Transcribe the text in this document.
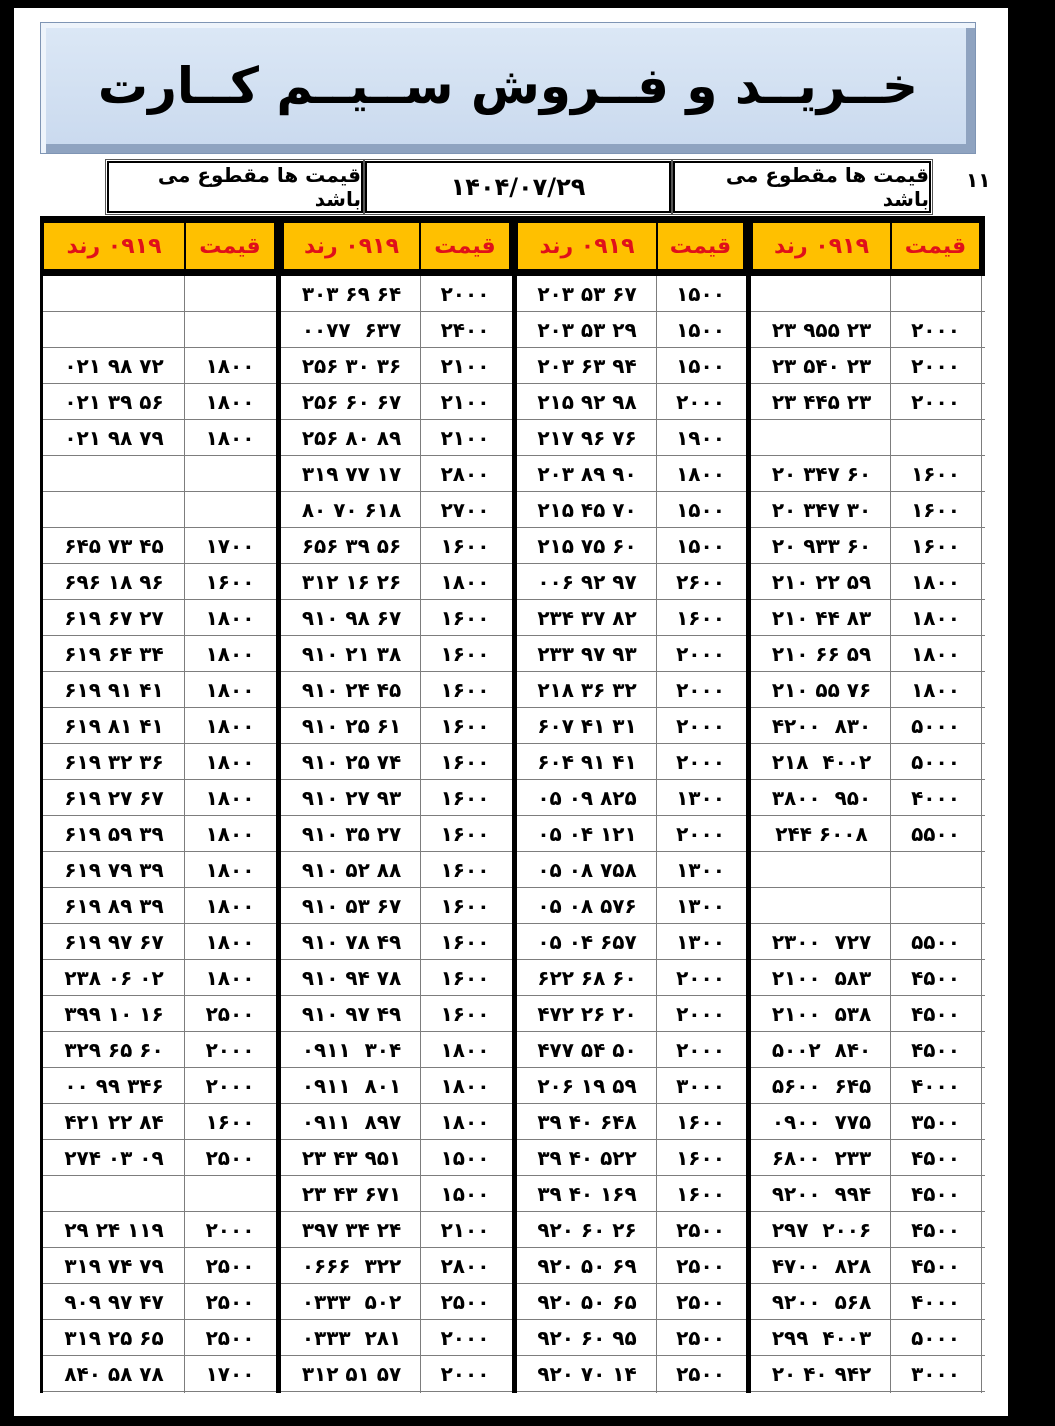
خــریــد و فــروش ســیــم کــارت
قیمت ها مقطوع می باشد	۱۴۰۴/۰۷/۲۹	قیمت ها مقطوع می باشد
۱۱
قیمت
۰۹۱۹ رند
قیمت
۰۹۱۹ رند
قیمت
۰۹۱۹ رند
قیمت
۰۹۱۹ رند
۱۵۰۰
۲۰۳ ۵۳ ۶۷
۲۰۰۰
۳۰۳ ۶۹ ۶۴
۲۰۰۰
۲۳ ۹۵۵ ۲۳
۱۵۰۰
۲۰۳ ۵۳ ۲۹
۲۴۰۰
۰۰۷۷  ۶۳۷
۲۰۰۰
۲۳ ۵۴۰ ۲۳
۱۵۰۰
۲۰۳ ۶۳ ۹۴
۲۱۰۰
۲۵۶ ۳۰ ۳۶
۱۸۰۰
۰۲۱ ۹۸ ۷۲
۲۰۰۰
۲۳ ۴۴۵ ۲۳
۲۰۰۰
۲۱۵ ۹۲ ۹۸
۲۱۰۰
۲۵۶ ۶۰ ۶۷
۱۸۰۰
۰۲۱ ۳۹ ۵۶
۱۹۰۰
۲۱۷ ۹۶ ۷۶
۲۱۰۰
۲۵۶ ۸۰ ۸۹
۱۸۰۰
۰۲۱ ۹۸ ۷۹
۱۶۰۰
۲۰ ۳۴۷ ۶۰
۱۸۰۰
۲۰۳ ۸۹ ۹۰
۲۸۰۰
۳۱۹ ۷۷ ۱۷
۱۶۰۰
۲۰ ۳۴۷ ۳۰
۱۵۰۰
۲۱۵ ۴۵ ۷۰
۲۷۰۰
۸۰ ۷۰ ۶۱۸
۱۶۰۰
۲۰ ۹۳۳ ۶۰
۱۵۰۰
۲۱۵ ۷۵ ۶۰
۱۶۰۰
۶۵۶ ۳۹ ۵۶
۱۷۰۰
۶۴۵ ۷۳ ۴۵
۱۸۰۰
۲۱۰ ۲۲ ۵۹
۲۶۰۰
۰۰۶ ۹۲ ۹۷
۱۸۰۰
۳۱۲ ۱۶ ۲۶
۱۶۰۰
۶۹۶ ۱۸ ۹۶
۱۸۰۰
۲۱۰ ۴۴ ۸۳
۱۶۰۰
۲۳۴ ۳۷ ۸۲
۱۶۰۰
۹۱۰ ۹۸ ۶۷
۱۸۰۰
۶۱۹ ۶۷ ۲۷
۱۸۰۰
۲۱۰ ۶۶ ۵۹
۲۰۰۰
۲۳۳ ۹۷ ۹۳
۱۶۰۰
۹۱۰ ۲۱ ۳۸
۱۸۰۰
۶۱۹ ۶۴ ۳۴
۱۸۰۰
۲۱۰ ۵۵ ۷۶
۲۰۰۰
۲۱۸ ۳۶ ۳۲
۱۶۰۰
۹۱۰ ۲۴ ۴۵
۱۸۰۰
۶۱۹ ۹۱ ۴۱
۵۰۰۰
۴۲۰۰  ۸۳۰
۲۰۰۰
۶۰۷ ۴۱ ۳۱
۱۶۰۰
۹۱۰ ۲۵ ۶۱
۱۸۰۰
۶۱۹ ۸۱ ۴۱
۵۰۰۰
۲۱۸  ۴۰۰۲
۲۰۰۰
۶۰۴ ۹۱ ۴۱
۱۶۰۰
۹۱۰ ۲۵ ۷۴
۱۸۰۰
۶۱۹ ۳۲ ۳۶
۴۰۰۰
۳۸۰۰  ۹۵۰
۱۳۰۰
۰۵ ۰۹ ۸۲۵
۱۶۰۰
۹۱۰ ۲۷ ۹۳
۱۸۰۰
۶۱۹ ۲۷ ۶۷
۵۵۰۰
۲۴۴ ۶۰۰۸
۲۰۰۰
۰۵ ۰۴ ۱۲۱
۱۶۰۰
۹۱۰ ۳۵ ۲۷
۱۸۰۰
۶۱۹ ۵۹ ۳۹
۱۳۰۰
۰۵ ۰۸ ۷۵۸
۱۶۰۰
۹۱۰ ۵۲ ۸۸
۱۸۰۰
۶۱۹ ۷۹ ۳۹
۱۳۰۰
۰۵ ۰۸ ۵۷۶
۱۶۰۰
۹۱۰ ۵۳ ۶۷
۱۸۰۰
۶۱۹ ۸۹ ۳۹
۵۵۰۰
۲۳۰۰  ۷۲۷
۱۳۰۰
۰۵ ۰۴ ۶۵۷
۱۶۰۰
۹۱۰ ۷۸ ۴۹
۱۸۰۰
۶۱۹ ۹۷ ۶۷
۴۵۰۰
۲۱۰۰  ۵۸۳
۲۰۰۰
۶۲۲ ۶۸ ۶۰
۱۶۰۰
۹۱۰ ۹۴ ۷۸
۱۸۰۰
۲۳۸ ۰۶ ۰۲
۴۵۰۰
۲۱۰۰  ۵۳۸
۲۰۰۰
۴۷۲ ۲۶ ۲۰
۱۶۰۰
۹۱۰ ۹۷ ۴۹
۲۵۰۰
۳۹۹ ۱۰ ۱۶
۴۵۰۰
۵۰۰۲  ۸۴۰
۲۰۰۰
۴۷۷ ۵۴ ۵۰
۱۸۰۰
۰۹۱۱  ۳۰۴
۲۰۰۰
۳۲۹ ۶۵ ۶۰
۴۰۰۰
۵۶۰۰  ۶۴۵
۳۰۰۰
۲۰۶ ۱۹ ۵۹
۱۸۰۰
۰۹۱۱  ۸۰۱
۲۰۰۰
۰۰ ۹۹ ۳۴۶
۳۵۰۰
۰۹۰۰  ۷۷۵
۱۶۰۰
۳۹ ۴۰ ۶۴۸
۱۸۰۰
۰۹۱۱  ۸۹۷
۱۶۰۰
۴۲۱ ۲۲ ۸۴
۴۵۰۰
۶۸۰۰  ۲۳۳
۱۶۰۰
۳۹ ۴۰ ۵۲۲
۱۵۰۰
۲۳ ۴۳ ۹۵۱
۲۵۰۰
۲۷۴ ۰۳ ۰۹
۴۵۰۰
۹۲۰۰  ۹۹۴
۱۶۰۰
۳۹ ۴۰ ۱۶۹
۱۵۰۰
۲۳ ۴۳ ۶۷۱
۴۵۰۰
۲۹۷  ۲۰۰۶
۲۵۰۰
۹۲۰ ۶۰ ۲۶
۲۱۰۰
۳۹۷ ۳۴ ۲۴
۲۰۰۰
۲۹ ۲۴ ۱۱۹
۴۵۰۰
۴۷۰۰  ۸۲۸
۲۵۰۰
۹۲۰ ۵۰ ۶۹
۲۸۰۰
۰۶۶۶  ۳۲۲
۲۵۰۰
۳۱۹ ۷۴ ۷۹
۴۰۰۰
۹۲۰۰  ۵۶۸
۲۵۰۰
۹۲۰ ۵۰ ۶۵
۲۵۰۰
۰۳۳۳  ۵۰۲
۲۵۰۰
۹۰۹ ۹۷ ۴۷
۵۰۰۰
۲۹۹  ۴۰۰۳
۲۵۰۰
۹۲۰ ۶۰ ۹۵
۲۰۰۰
۰۳۳۳  ۲۸۱
۲۵۰۰
۳۱۹ ۲۵ ۶۵
۳۰۰۰
۲۰ ۴۰ ۹۴۲
۲۵۰۰
۹۲۰ ۷۰ ۱۴
۲۰۰۰
۳۱۲ ۵۱ ۵۷
۱۷۰۰
۸۴۰ ۵۸ ۷۸
